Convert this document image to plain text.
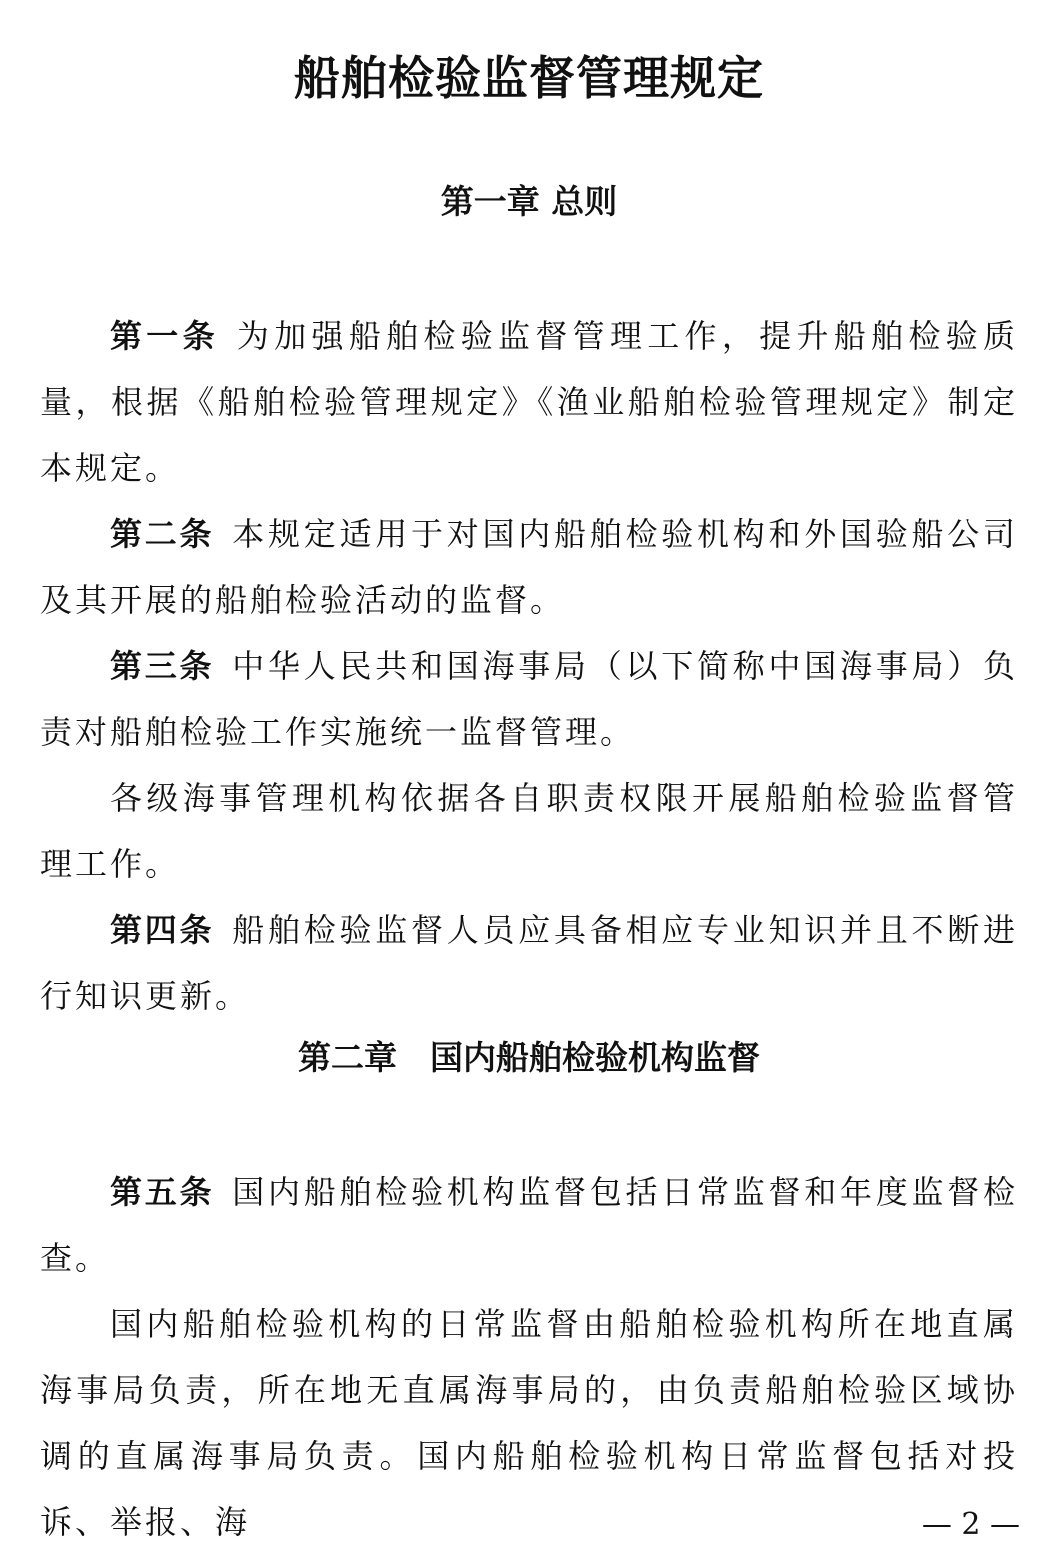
船舶检验监督管理规定
第一章 总则

第一条 为加强船舶检验监督管理工作，提升船舶检验质量，根据《船舶检验管理规定》《渔业船舶检验管理规定》制定本规定。

第二条 本规定适用于对国内船舶检验机构和外国验船公司及其开展的船舶检验活动的监督。

第三条 中华人民共和国海事局（以下简称中国海事局）负责对船舶检验工作实施统一监督管理。

各级海事管理机构依据各自职责权限开展船舶检验监督管理工作。

第四条 船舶检验监督人员应具备相应专业知识并且不断进行知识更新。

第二章　国内船舶检验机构监督

第五条 国内船舶检验机构监督包括日常监督和年度监督检查。

国内船舶检验机构的日常监督由船舶检验机构所在地直属海事局负责，所在地无直属海事局的，由负责船舶检验区域协调的直属海事局负责。国内船舶检验机构日常监督包括对投诉、举报、海	— 2 —
